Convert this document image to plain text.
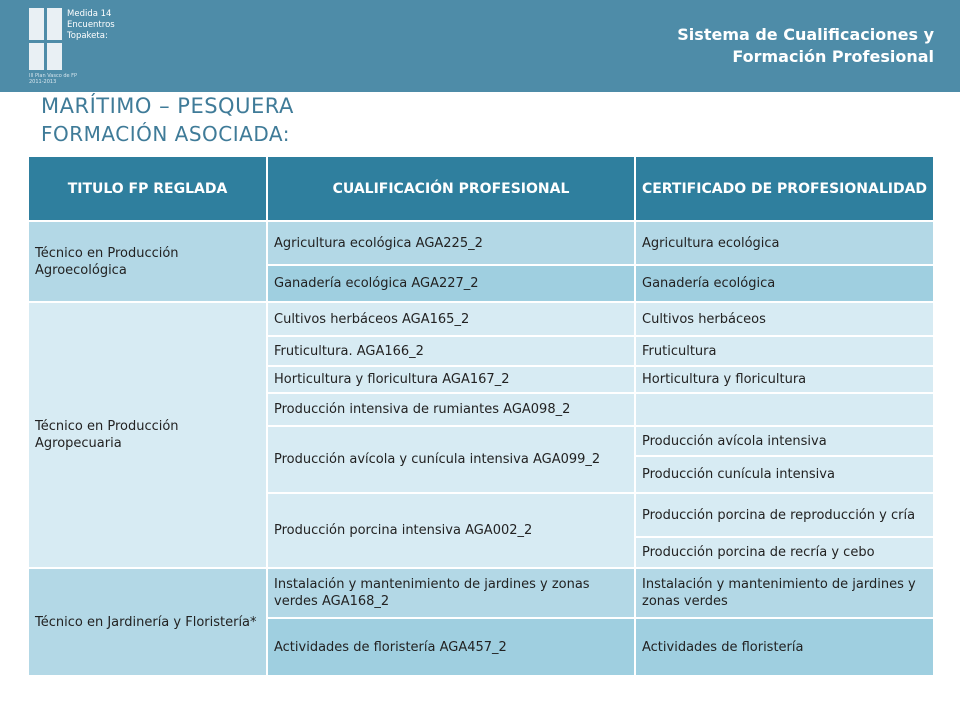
Medida 14
Encuentros
Topaketa:
III Plan Vasco de FP
2011-2013
Sistema de Cualificaciones y
Formación Profesional
MARÍTIMO – PESQUERA
FORMACIÓN ASOCIADA:
TITULO FP REGLADA	CUALIFICACIÓN PROFESIONAL	CERTIFICADO DE PROFESIONALIDAD
Técnico en Producción Agroecológica	Agricultura ecológica AGA225_2	Agricultura ecológica
	Ganadería ecológica AGA227_2	Ganadería ecológica
Técnico en Producción Agropecuaria	Cultivos herbáceos AGA165_2	Cultivos herbáceos
	Fruticultura. AGA166_2	Fruticultura
	Horticultura y floricultura AGA167_2	Horticultura y floricultura
	Producción intensiva de rumiantes AGA098_2	
	Producción avícola y cunícula intensiva AGA099_2	Producción avícola intensiva
		Producción cunícula intensiva
	Producción porcina intensiva AGA002_2	Producción porcina de reproducción y cría
		Producción porcina de recría y cebo
Técnico en Jardinería y Floristería*	Instalación y mantenimiento de jardines y zonas verdes AGA168_2	Instalación y mantenimiento de jardines y zonas verdes
	Actividades de floristería AGA457_2	Actividades de floristería
